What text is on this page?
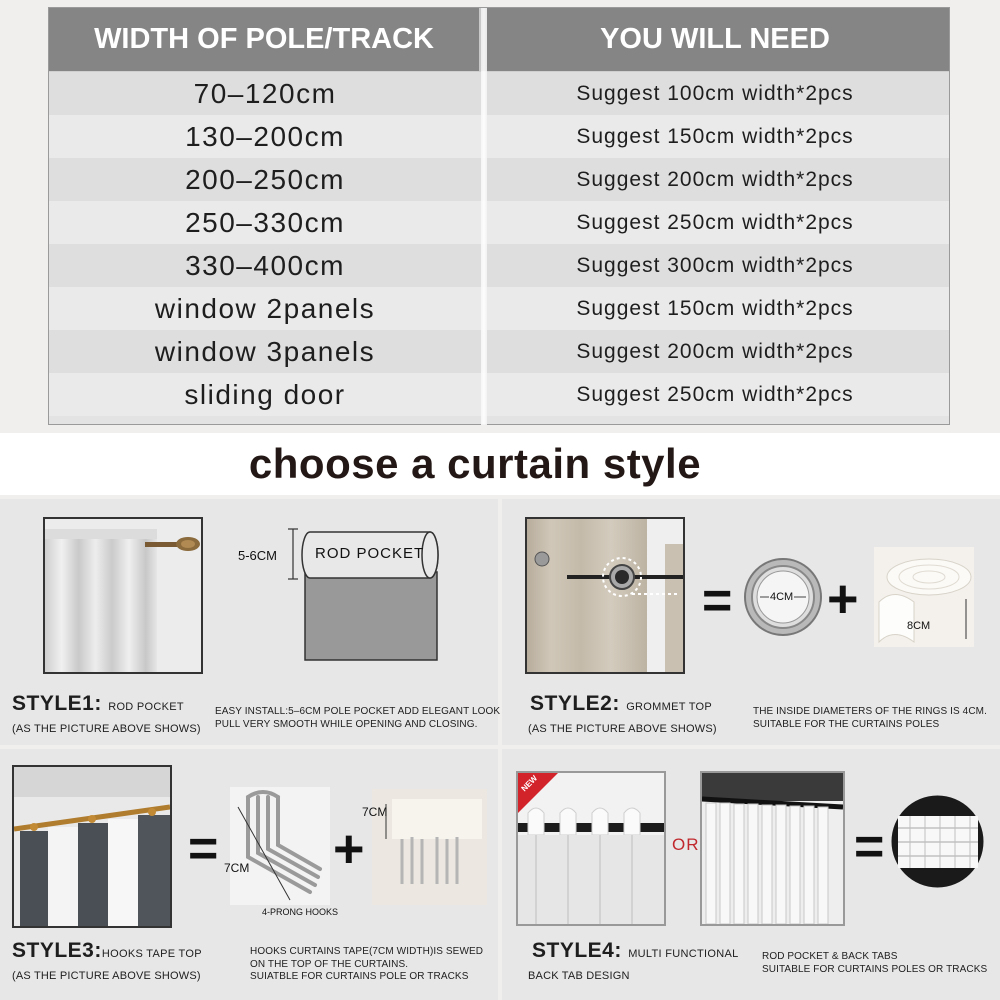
WIDTH OF POLE/TRACK	YOU WILL NEED
70–120cm	Suggest 100cm width*2pcs
130–200cm	Suggest 150cm width*2pcs
200–250cm	Suggest 200cm width*2pcs
250–330cm	Suggest 250cm width*2pcs
330–400cm	Suggest 300cm width*2pcs
window 2panels	Suggest 150cm width*2pcs
window 3panels	Suggest 200cm width*2pcs
sliding door	Suggest 250cm width*2pcs
choose a curtain style
5-6CM	ROD POCKET
STYLE1: ROD POCKET
(AS THE PICTURE ABOVE SHOWS)
EASY INSTALL:5–6CM POLE POCKET ADD ELEGANT LOOK
PULL VERY SMOOTH WHILE OPENING AND CLOSING.
=	4CM +	8CM
STYLE2: GROMMET TOP
(AS THE PICTURE ABOVE SHOWS)
THE INSIDE DIAMETERS OF THE RINGS IS 4CM.
SUITABLE FOR THE CURTAINS POLES
= 7CM
4-PRONG HOOKS
+
7CM
STYLE3:HOOKS TAPE TOP
(AS THE PICTURE ABOVE SHOWS)
HOOKS CURTAINS TAPE(7CM WIDTH)IS SEWED
ON THE TOP OF THE CURTAINS.
SUIATBLE FOR CURTAINS POLE OR TRACKS
NEW
OR	=
STYLE4: MULTI FUNCTIONAL
BACK TAB DESIGN
ROD POCKET & BACK TABS
SUITABLE FOR CURTAINS POLES OR TRACKS
